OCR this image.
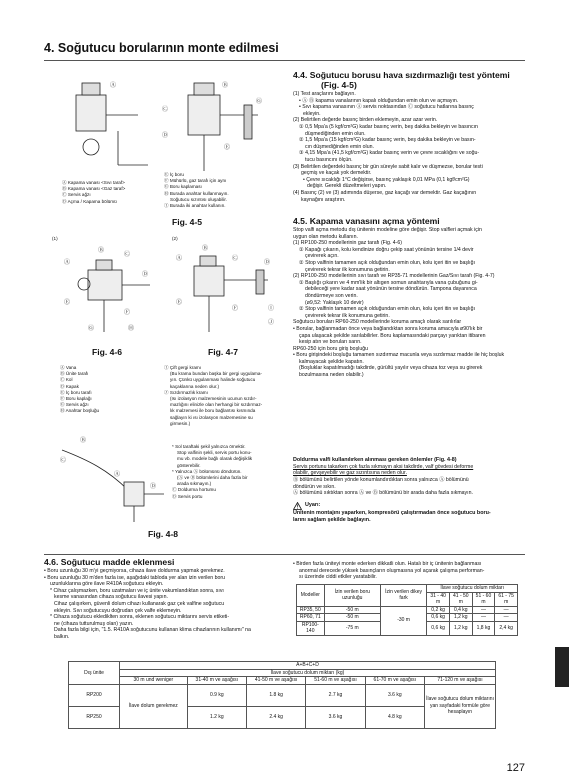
4. Soğutucu borularının monte edilmesi
Ⓐ	Ⓑ
Ⓒ
Ⓓ
Ⓔ
Ⓖ
Ⓐ Kapama vanası <Sıvı taraf>
Ⓑ Kapama vanası <Gaz taraf>
Ⓒ Servis ağzı
Ⓓ Açma / Kapama bölümü
Ⓔ İç boru
Ⓕ Mühürlü, gaz tarafı için aynı
Ⓖ Boru kaplaması
Ⓗ Burada anahtar kullanmayın.
Soğutucu sızıntısı oluşabilir.
Ⓘ Burada iki anahtar kullanın.
Fig. 4-5
(1)	(2)
Ⓐ
Ⓑ
Ⓒ
Ⓓ
Ⓔ
Ⓕ
Ⓖ	Ⓗ
Ⓐ
Ⓑ
Ⓒ
Ⓓ
Ⓔ
Ⓕ	Ⓘ
Ⓙ
Fig. 4-6	Fig. 4-7
Ⓐ Vana
Ⓑ Ünite tarafı
Ⓒ Kol
Ⓓ Kapak
Ⓔ İç boru tarafı
Ⓕ Boru kaplağı
Ⓖ Servis ağzı
Ⓗ Anahtar boşluğu
Ⓘ Çift gergi kramı
(Bu krama bundan başka bir gergi uygulama-
yın. Çünkü uygulanması halinde soğutucu
kaçaklarına neden olur.)
Ⓙ Sızdırmazlık kramı
(Isı izolasyon malzemesinin ucunun sızdır-
mazlığını elinizle olan herhangi bir sızdırmaz-
lık malzemesi ile boru bağlantısı kısmında
sağlayın ki ısı izolasyon malzemesine su
girmesin.)
Ⓑ
Ⓒ
Ⓐ
Ⓓ
* Sol taraftaki şekil yalnızca örnektir.
Stop valfinin şekli, servis portu konu-
mu vb. modele bağlı olarak değişiklik
gösterebilir.
* Yalnızca Ⓐ bölümünü döndürün.
(Ⓐ ve Ⓑ bölümlerini daha fazla bir
arada sıkmayın.)
Ⓒ Doldurma hortumu
Ⓓ Servis portu
Fig. 4-8
4.4. Soğutucu borusu hava sızdırmazlığı test yöntemi
(Fig. 4-5)

(1) Test araçlarını bağlayın.

• Ⓐ Ⓑ kapama vanalarının kapalı olduğundan emin olun ve açmayın.

• Sıvı kapama vanasının Ⓐ servis noktasından Ⓒ soğutucu hatlarına basınç

ekleyin.

(2) Belirtilen değerde basınç birden eklemeyin, azar azar verin.

① 0,5 Mpa'a (5 kgf/cm²G) kadar basınç verin, beş dakika bekleyin ve basıncın

düşmediğinden emin olun.

② 1,5 Mpa'a (15 kgf/cm²G) kadar basınç verin, beş dakika bekleyin ve basın-

cın düşmediğinden emin olun.

③ 4,15 Mpa'a (41,5 kgf/cm²G) kadar basınç verin ve çevre sıcaklığını ve soğu-

tucu basıncını ölçün.

(3) Belirtilen değerdeki basınç bir gün süreyle sabit kalır ve düşmezse, borular testi

geçmiş ve kaçak yok demektir.

• Çevre sıcaklığı 1°C değişirse, basınç yaklaşık 0,01 MPa (0,1 kgf/cm²G)

değişir. Gerekli düzeltmeleri yapın.

(4) Basınç (2) ve (3) adımında düşerse, gaz kaçağı var demektir. Gaz kaçağının

kaynağını araştırın.

4.5. Kapama vanasını açma yöntemi

Stop valfi açma metodu dış ünitenin modeline göre değişir. Stop valfleri açmak için

uygun olan metodu kullanın.

(1) RP100-250 modellerinin gaz tarafı (Fig. 4-6)

① Kapağı çıkarın, kolu kendinize doğru çekip saat yönünün tersine 1/4 devir

çevirerek açın.

② Stop valfinin tamamen açık olduğundan emin olun, kolu içeri itin ve başlığı

çevirerek tekrar ilk konumuna getirin.

(2) RP100-250 modellerinin sıvı tarafı ve RP35-71 modellerinin Gaz/Sıvı tarafı (Fig. 4-7)

① Başlığı çıkarın ve 4 mm'lik bir altıgen somun anahtarıyla vana çubuğunu gi-

debileceği yere kadar saat yönünün tersine döndürün. Tampona dayanınca

döndürmeye son verin.

(ø9,52: Yaklaşık 10 devir)

② Stop valfinin tamamen açık olduğundan emin olun, kolu içeri itin ve başlığı

çevirerek tekrar ilk konumuna getirin.

Soğutucu boruları RP60-250 modellerinde koruma amaçlı olarak sarılırlar

• Borular, bağlanmadan önce veya bağlandıktan sonra koruma amacıyla ø90'lık bir

çapa ulaşacak şekilde sarılabilirler. Boru kaplamasındaki parçayı yarıktan itibaren

kesip atın ve boruları sarın.

RP60-250 için boru giriş boşluğu

• Boru girişindeki boşluğu tamamen sızdırmaz macunla veya sızdırmaz madde ile hiç boşluk

kalmayacak şekilde kapatın.

(Boşluklar kapatılmadığı takdirde, gürültü yayılır veya cihaza toz veya su girerek

bozulmasına neden olabilir.)

Doldurma valfi kullanılırken alınması gereken önlemler (Fig. 4-8)

Servis portunu takarken çok fazla sıkmayın aksi takdirde, valf gövdesi deforme

olabilir, gevşeyebilir ve gaz sızıntısına neden olur.

Ⓑ bölümünü belirtilen yönde konumlandırdıktan sonra yalnızca Ⓐ bölümünü

döndürün ve sıkın.

Ⓐ bölümünü sıktıktan sonra Ⓐ ve Ⓑ bölümünü bir arada daha fazla sıkmayın.

! Uyarı:
Ünitenin montajını yaparken, kompresörü çalıştırmadan önce soğutucu boru-
larını sağlam şekilde bağlayın.
4.6. Soğutucu madde eklenmesi

• Boru uzunluğu 30 m'yi geçmiyorsa, cihaza ilave doldurma yapmak gerekmez.

• Boru uzunluğu 30 m'den fazla ise, aşağıdaki tabloda yer alan izin verilen boru

uzunluklarına göre ilave R410A soğutucu ekleyin.

* Cihaz çalışmazken, boru uzatmaları ve iç ünite vakumlandıktan sonra, sıvı

kesme vanasından cihaza soğutucu ilavesi yapın.

Cihaz çalışırken, güvenli dolum cihazı kullanarak gaz çek valfine soğutucu

ekleyin. Sıvı soğutucuyu doğrudan çek valfe eklemeyin.

* Cihaza soğutucu eklediklten sonra, eklenen soğutucu miktarını servis etiketi-

ne (cihaza tutturulmuş olan) yazın.

Daha fazla bilgi için, "1.5. R410A soğutucunu kullanan klima cihazlarının kullanımı" na

balkın.

• Birden fazla üniteyi monte ederken dikkatli olun. Hatalı bir iç ünitenin bağlanması

anormal derecede yüksek basınçların oluşmasına yol açarak çalışma performan-

sı üzerinde ciddi etkiler yaratabilir.

Modeller	İzin verilen boru uzunluğu	İzin verilen dikey fark	İlave soğutucu dolum miktarı			
			31 - 40 m	41 - 50 m	51 - 60 m	61 - 75 m
RP35, 50	-50 m	-30 m	0,2 kg	0,4 kg	—	—
RP60, 71	-50 m		0,6 kg	1,2 kg	—	—
RP100-140	-75 m		0,6 kg	1,2 kg	1,8 kg	2,4 kg
Dış ünite	A+B+C+D					
	İlave soğutucu dolum miktarı (kg)					
	30 m und weniger	31-40 m ve aşağısı	41-50 m ve aşağısı	51-60 m ve aşağısı	61-70 m ve aşağısı	71-120 m ve aşağısı
RP200	İlave dolum gerekmez	0.9 kg	1.8 kg	2.7 kg	3.6 kg	İlave soğutucu dolum miktarını yan sayfadaki formüle göre hesaplayın
RP250		1.2 kg	2.4 kg	3.6 kg	4.8 kg	
127
